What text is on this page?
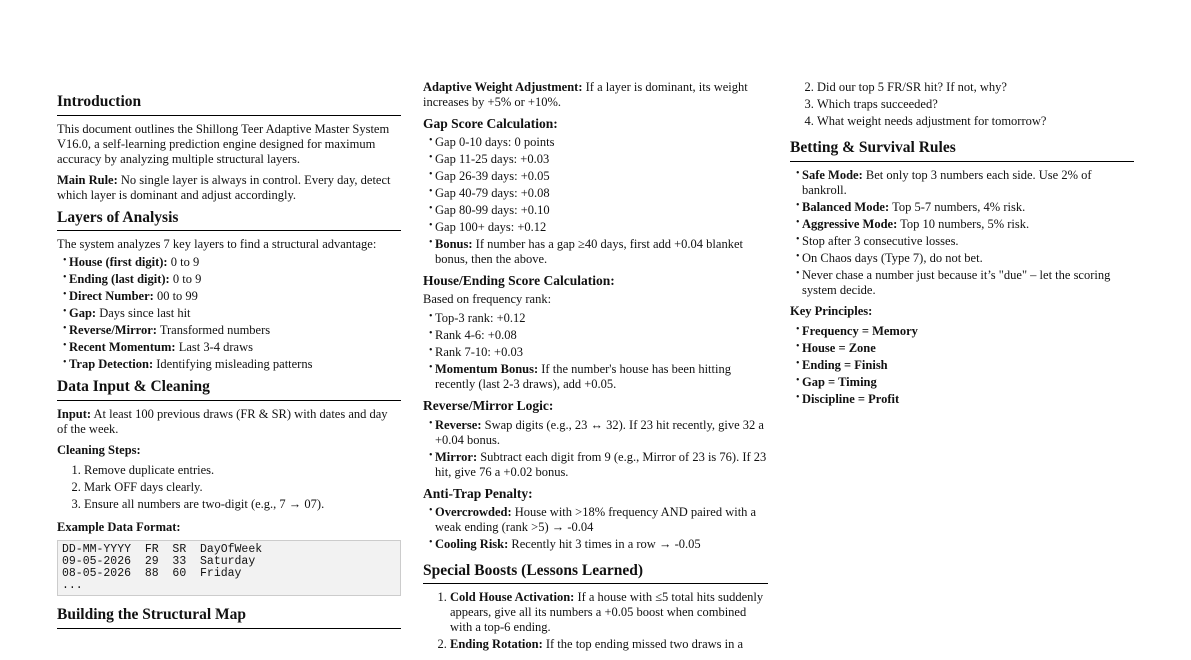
Introduction

This document outlines the Shillong Teer Adaptive Master System V16.0, a self-learning prediction engine designed for maximum accuracy by analyzing multiple structural layers.

Main Rule: No single layer is always in control. Every day, detect which layer is dominant and adjust accordingly.

Layers of Analysis

The system analyzes 7 key layers to find a structural advantage:

• House (first digit): 0 to 9
• Ending (last digit): 0 to 9
• Direct Number: 00 to 99
• Gap: Days since last hit
• Reverse/Mirror: Transformed numbers
• Recent Momentum: Last 3-4 draws
• Trap Detection: Identifying misleading patterns
Data Input & Cleaning

Input: At least 100 previous draws (FR & SR) with dates and day of the week.

Cleaning Steps:
1. Remove duplicate entries.
2. Mark OFF days clearly.
3. Ensure all numbers are two-digit (e.g., 7 → 07).
Example Data Format:
DD-MM-YYYY  FR  SR  DayOfWeek
09-05-2026  29  33  Saturday
08-05-2026  88  60  Friday
...
Building the Structural Map

Adaptive Weight Adjustment: If a layer is dominant, its weight increases by +5% or +10%.

Gap Score Calculation:
• Gap 0-10 days: 0 points
• Gap 11-25 days: +0.03
• Gap 26-39 days: +0.05
• Gap 40-79 days: +0.08
• Gap 80-99 days: +0.10
• Gap 100+ days: +0.12
• Bonus: If number has a gap ≥40 days, first add +0.04 blanket bonus, then the above.
House/Ending Score Calculation:

Based on frequency rank:

• Top-3 rank: +0.12
• Rank 4-6: +0.08
• Rank 7-10: +0.03
• Momentum Bonus: If the number's house has been hitting recently (last 2-3 draws), add +0.05.
Reverse/Mirror Logic:
• Reverse: Swap digits (e.g., 23 ↔ 32). If 23 hit recently, give 32 a +0.04 bonus.
• Mirror: Subtract each digit from 9 (e.g., Mirror of 23 is 76). If 23 hit, give 76 a +0.02 bonus.
Anti-Trap Penalty:
• Overcrowded: House with >18% frequency AND paired with a weak ending (rank >5) → -0.04
• Cooling Risk: Recently hit 3 times in a row → -0.05
Special Boosts (Lessons Learned)
1. Cold House Activation: If a house with ≤5 total hits suddenly appears, give all its numbers a +0.05 boost when combined with a top-6 ending.
2. Ending Rotation: If the top ending missed two draws in a
2. Did our top 5 FR/SR hit? If not, why?
3. Which traps succeeded?
4. What weight needs adjustment for tomorrow?
Betting & Survival Rules
• Safe Mode: Bet only top 3 numbers each side. Use 2% of bankroll.
• Balanced Mode: Top 5-7 numbers, 4% risk.
• Aggressive Mode: Top 10 numbers, 5% risk.
• Stop after 3 consecutive losses.
• On Chaos days (Type 7), do not bet.
• Never chase a number just because it’s "due" – let the scoring system decide.
Key Principles:
• Frequency = Memory
• House = Zone
• Ending = Finish
• Gap = Timing
• Discipline = Profit
